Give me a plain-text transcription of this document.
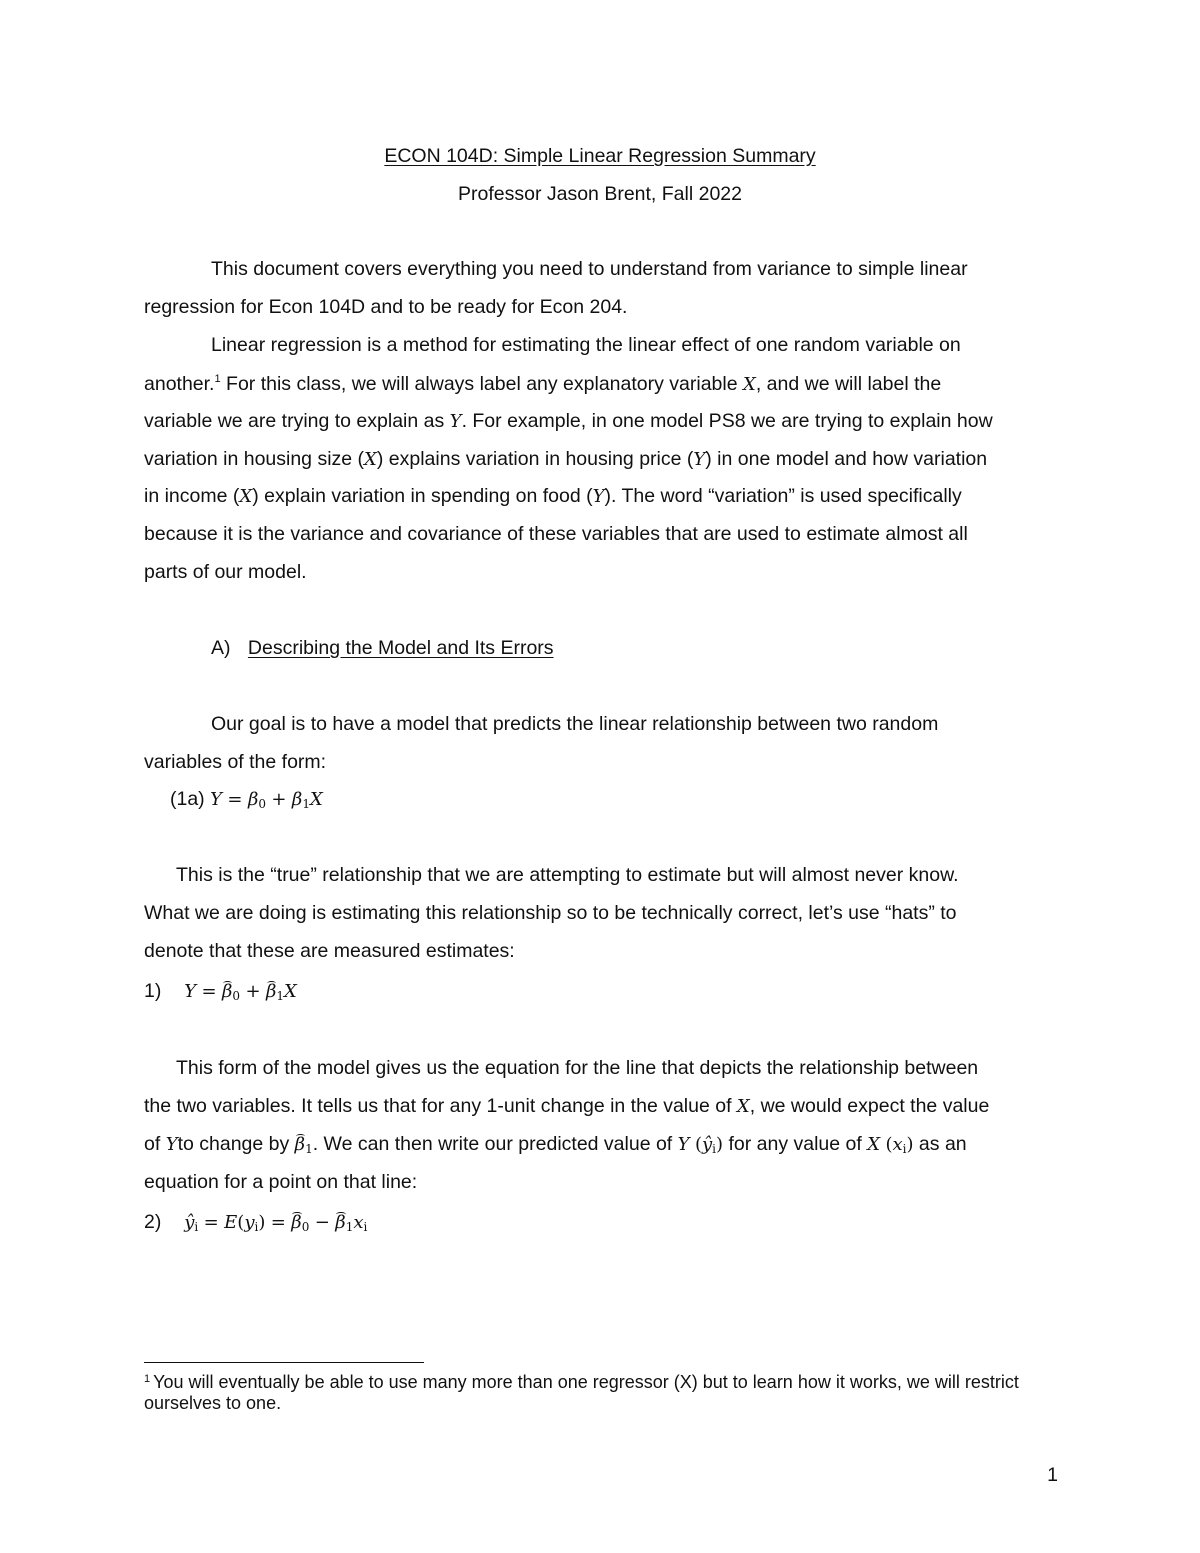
ECON 104D: Simple Linear Regression Summary
Professor Jason Brent, Fall 2022
This document covers everything you need to understand from variance to simple linear
regression for Econ 104D and to be ready for Econ 204.
Linear regression is a method for estimating the linear effect of one random variable on
another.$^1$ For this class, we will always label any explanatory variable X, and we will label the
variable we are trying to explain as Y. For example, in one model PS8 we are trying to explain how
variation in housing size (X) explains variation in housing price (Y) in one model and how variation
in income (X) explain variation in spending on food (Y). The word “variation” is used specifically
because it is the variance and covariance of these variables that are used to estimate almost all
parts of our model.
A) Describing the Model and Its Errors
Our goal is to have a model that predicts the linear relationship between two random
variables of the form:
(1a) $Y = \beta_0 + \beta_1X$
This is the “true” relationship that we are attempting to estimate but will almost never know.
What we are doing is estimating this relationship so to be technically correct, let’s use “hats” to
denote that these are measured estimates:
1) $Y = \beta_0 + \beta_1X$
This form of the model gives us the equation for the line that depicts the relationship between
the two variables. It tells us that for any 1-unit change in the value of X, we would expect the value
of Yto change by $\beta_1$. We can then write our predicted value of Y $(ŷ_i)$ for any value of X $(x_i)$ as an
equation for a point on that line:
2) $ŷ_i = E(y_i) = \beta_0 - \beta_1x_i$
$^1$ You will eventually be able to use many more than one regressor (X) but to learn how it works, we will restrict ourselves to one.
1
